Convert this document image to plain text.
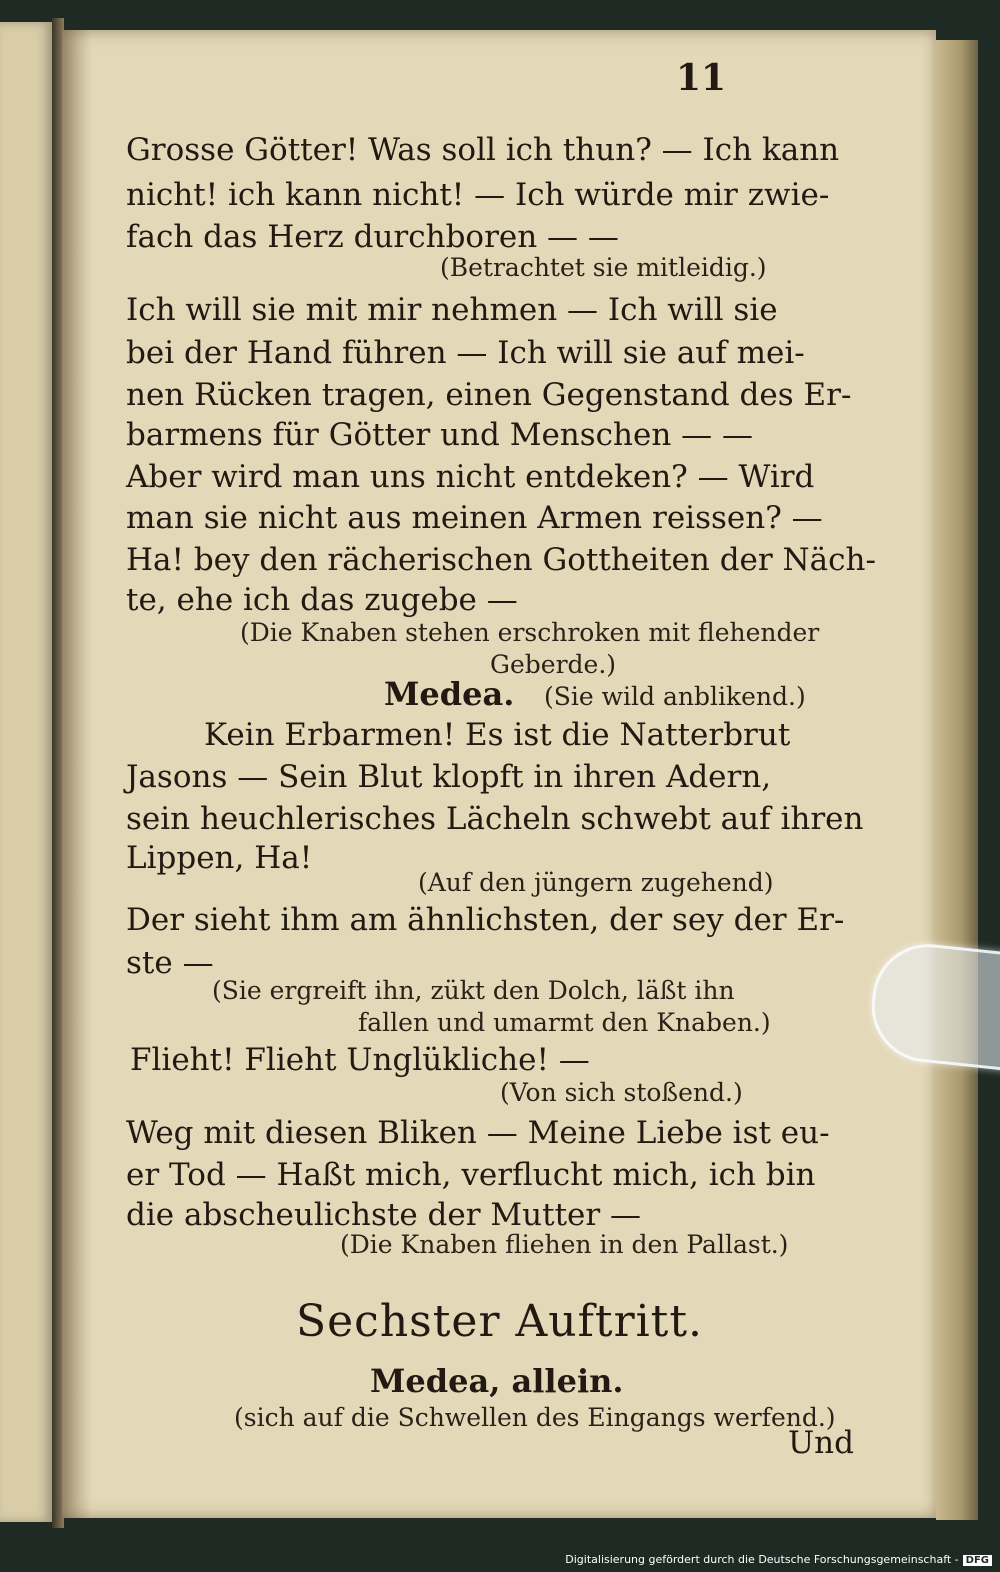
11
Grosse Götter! Was soll ich thun? — Ich kann
nicht! ich kann nicht! — Ich würde mir zwie-
fach das Herz durchboren — —
(Betrachtet sie mitleidig.)
Ich will sie mit mir nehmen — Ich will sie
bei der Hand führen — Ich will sie auf mei-
nen Rücken tragen, einen Gegenstand des Er-
barmens für Götter und Menschen — —
Aber wird man uns nicht entdeken? — Wird
man sie nicht aus meinen Armen reissen? —
Ha! bey den rächerischen Gottheiten der Näch-
te, ehe ich das zugebe —
(Die Knaben stehen erschroken mit flehender
Geberde.)
Medea. (Sie wild anblikend.)
Kein Erbarmen! Es ist die Natterbrut
Jasons — Sein Blut klopft in ihren Adern,
sein heuchlerisches Lächeln schwebt auf ihren
Lippen, Ha!
(Auf den jüngern zugehend)
Der sieht ihm am ähnlichsten, der sey der Er-
ste —
(Sie ergreift ihn, zükt den Dolch, läßt ihn
fallen und umarmt den Knaben.)
Flieht! Flieht Unglükliche! —
(Von sich stoßend.)
Weg mit diesen Bliken — Meine Liebe ist eu-
er Tod — Haßt mich, verflucht mich, ich bin
die abscheulichste der Mutter —
(Die Knaben fliehen in den Pallast.)
Sechster Auftritt.
Medea, allein.
(sich auf die Schwellen des Eingangs werfend.)
Und
Digitalisierung gefördert durch die Deutsche Forschungsgemeinschaft - DFG
